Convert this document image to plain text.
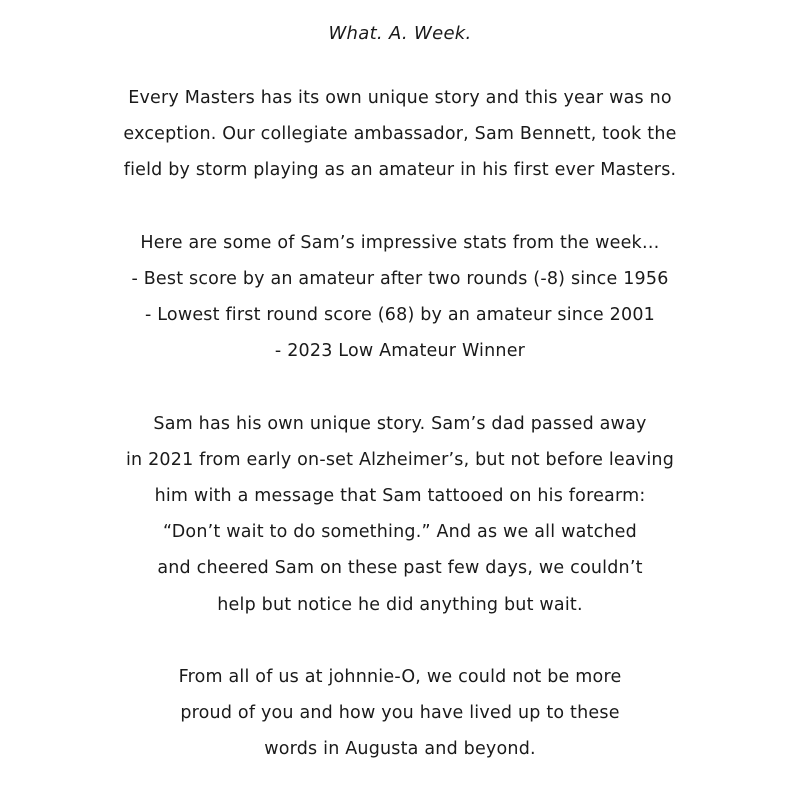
What. A. Week.
Every Masters has its own unique story and this year was no
exception. Our collegiate ambassador, Sam Bennett, took the
field by storm playing as an amateur in his first ever Masters.
Here are some of Sam’s impressive stats from the week…
- Best score by an amateur after two rounds (-8) since 1956
- Lowest first round score (68) by an amateur since 2001
- 2023 Low Amateur Winner
Sam has his own unique story. Sam’s dad passed away
in 2021 from early on-set Alzheimer’s, but not before leaving
him with a message that Sam tattooed on his forearm:
“Don’t wait to do something.” And as we all watched
and cheered Sam on these past few days, we couldn’t
help but notice he did anything but wait.
From all of us at johnnie-O, we could not be more
proud of you and how you have lived up to these
words in Augusta and beyond.
